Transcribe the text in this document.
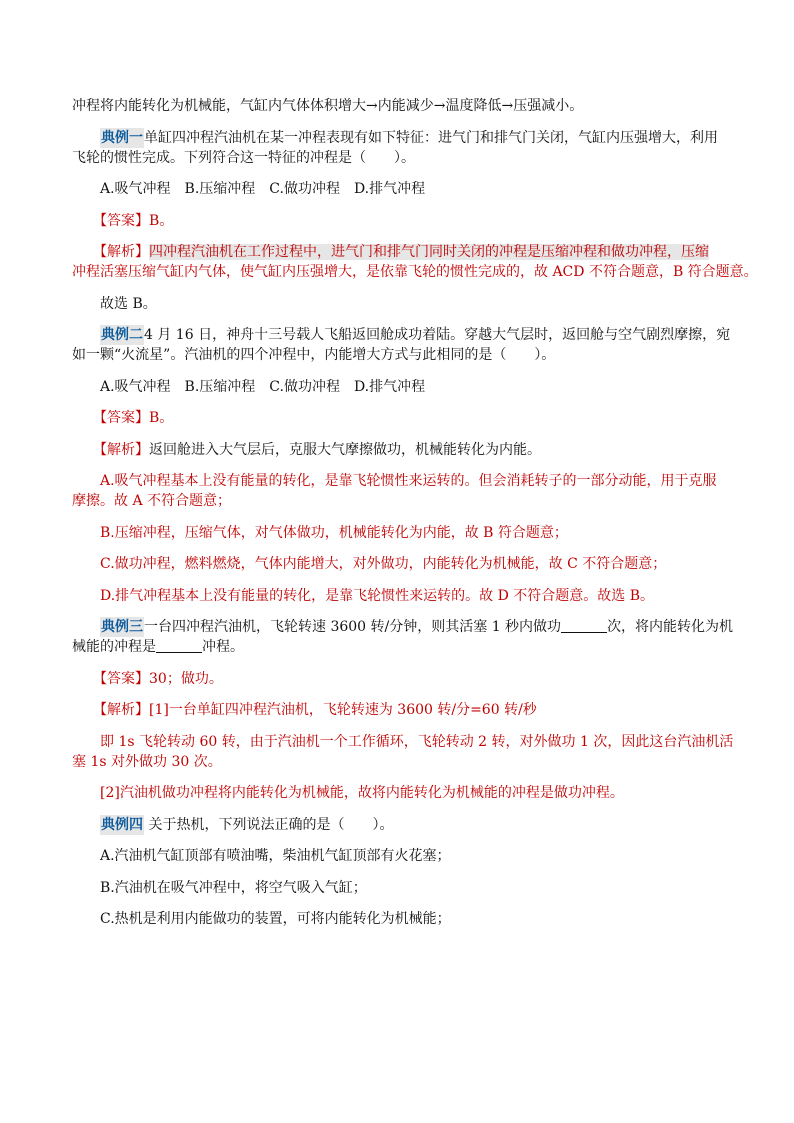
冲程将内能转化为机械能，气缸内气体体积增大→内能减少→温度降低→压强减小。
　　典例一单缸四冲程汽油机在某一冲程表现有如下特征：进气门和排气门关闭，气缸内压强增大，利用
飞轮的惯性完成。下列符合这一特征的冲程是（　　）。
　　A.吸气冲程　B.压缩冲程　C.做功冲程　D.排气冲程
　　【答案】B。
　　【解析】四冲程汽油机在工作过程中，进气门和排气门同时关闭的冲程是压缩冲程和做功冲程，压缩
冲程活塞压缩气缸内气体，使气缸内压强增大，是依靠飞轮的惯性完成的，故 ACD 不符合题意，B 符合题意。
　　故选 B。
　　典例二4 月 16 日，神舟十三号载人飞船返回舱成功着陆。穿越大气层时，返回舱与空气剧烈摩擦，宛
如一颗“火流星”。汽油机的四个冲程中，内能增大方式与此相同的是（　　）。
　　A.吸气冲程　B.压缩冲程　C.做功冲程　D.排气冲程
　　【答案】B。
　　【解析】返回舱进入大气层后，克服大气摩擦做功，机械能转化为内能。
　　A.吸气冲程基本上没有能量的转化，是靠飞轮惯性来运转的。但会消耗转子的一部分动能，用于克服
摩擦。故 A 不符合题意；
　　B.压缩冲程，压缩气体，对气体做功，机械能转化为内能，故 B 符合题意；
　　C.做功冲程，燃料燃烧，气体内能增大，对外做功，内能转化为机械能，故 C 不符合题意；
　　D.排气冲程基本上没有能量的转化，是靠飞轮惯性来运转的。故 D 不符合题意。故选 B。
　　典例三一台四冲程汽油机，飞轮转速 3600 转/分钟，则其活塞 1 秒内做功	次，将内能转化为机
械能的冲程是	冲程。
　　【答案】30；做功。
　　【解析】[1]一台单缸四冲程汽油机，飞轮转速为 3600 转/分=60 转/秒
　　即 1s 飞轮转动 60 转，由于汽油机一个工作循环，飞轮转动 2 转，对外做功 1 次，因此这台汽油机活
塞 1s 对外做功 30 次。
　　[2]汽油机做功冲程将内能转化为机械能，故将内能转化为机械能的冲程是做功冲程。
　　典例四 关于热机，下列说法正确的是（　　）。
　　A.汽油机气缸顶部有喷油嘴，柴油机气缸顶部有火花塞；
　　B.汽油机在吸气冲程中，将空气吸入气缸；
　　C.热机是利用内能做功的装置，可将内能转化为机械能；
